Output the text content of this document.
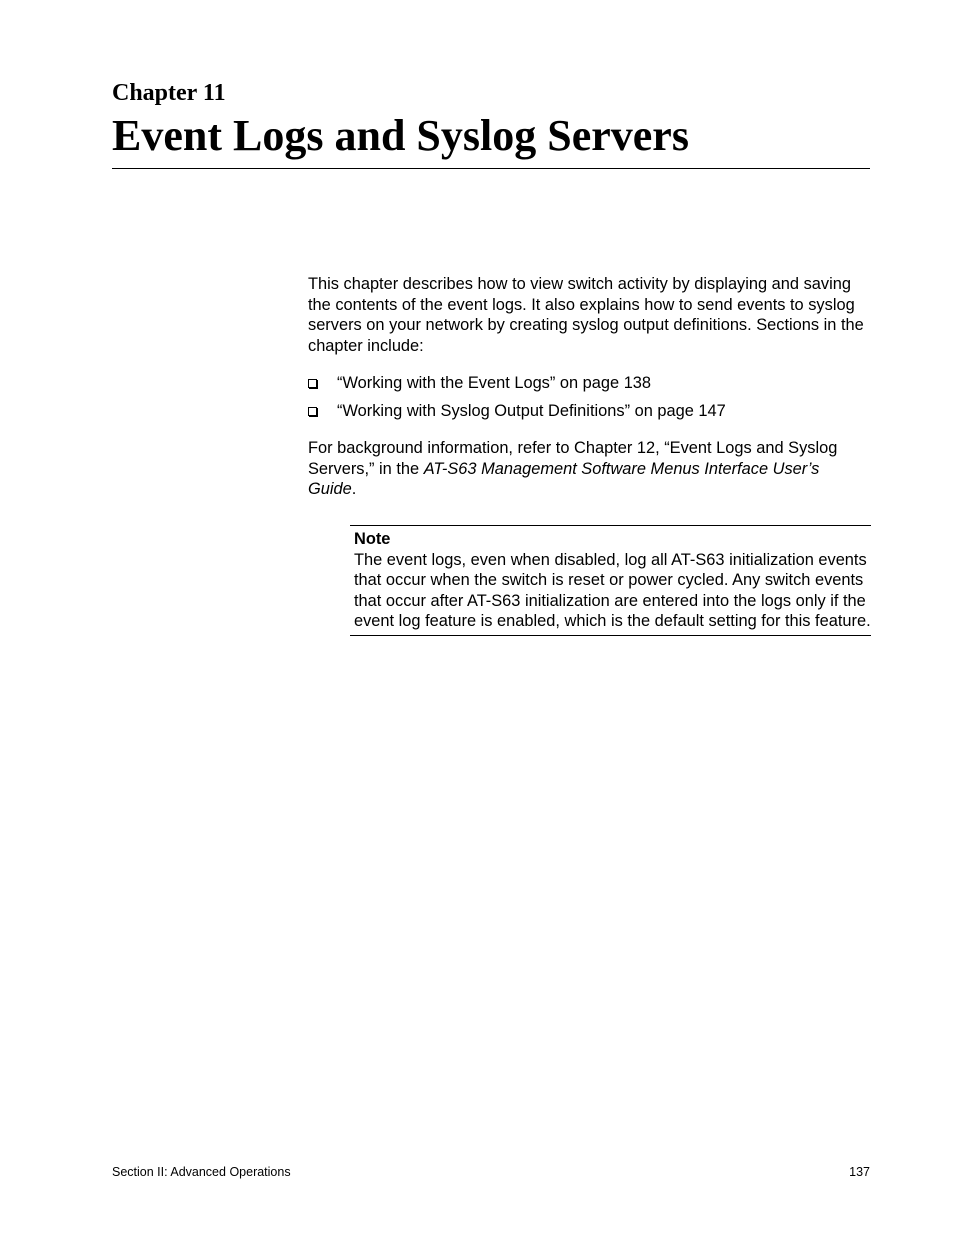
Chapter 11
Event Logs and Syslog Servers
This chapter describes how to view switch activity by displaying and saving the contents of the event logs. It also explains how to send events to syslog servers on your network by creating syslog output definitions. Sections in the chapter include:
“Working with the Event Logs” on page 138
“Working with Syslog Output Definitions” on page 147
For background information, refer to Chapter 12, “Event Logs and Syslog Servers,” in the AT-S63 Management Software Menus Interface User’s Guide.
Note
The event logs, even when disabled, log all AT-S63 initialization events that occur when the switch is reset or power cycled. Any switch events that occur after AT-S63 initialization are entered into the logs only if the event log feature is enabled, which is the default setting for this feature.
Section II: Advanced Operations	137
